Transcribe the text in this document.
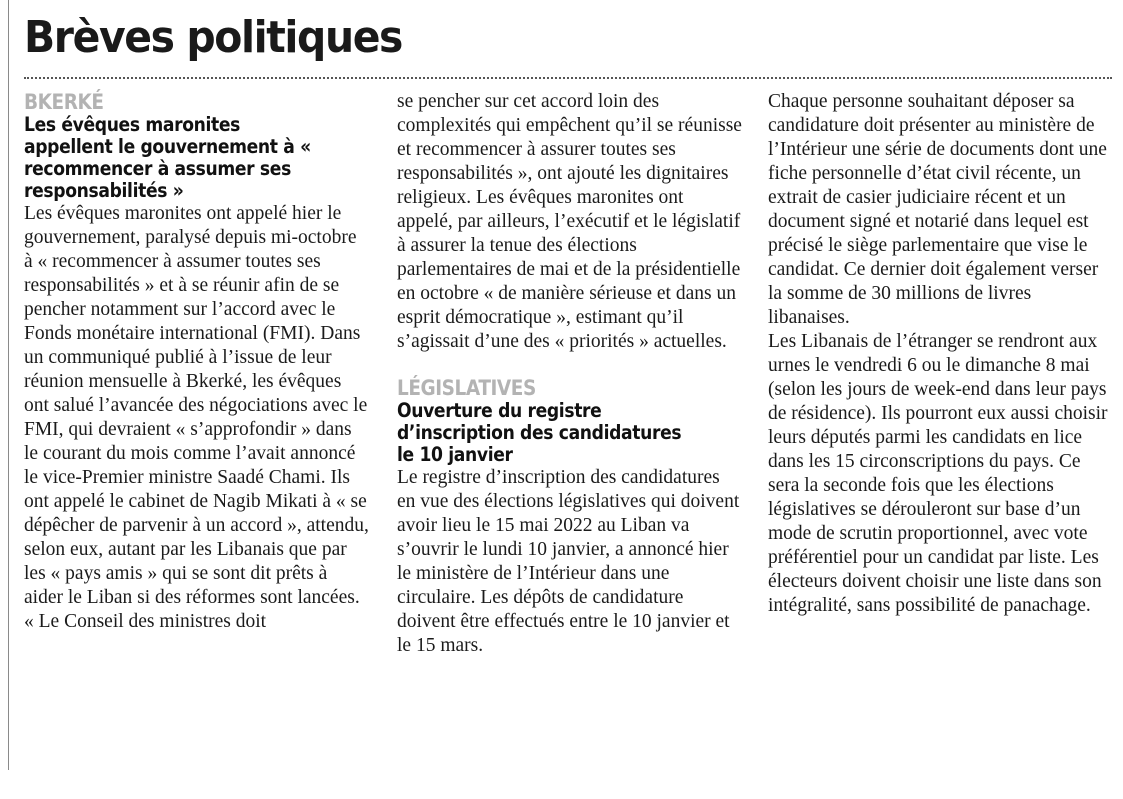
Brèves politiques
BKERKÉ
Les évêques maronites appellent le gouvernement à « recommencer à assumer ses responsabilités »

Les évêques maronites ont appelé hier le gouvernement, paralysé depuis mi-octobre à « recommencer à assumer toutes ses responsabilités » et à se réunir afin de se pencher notamment sur l’accord avec le Fonds monétaire international (FMI). Dans un communiqué publié à l’issue de leur réunion mensuelle à Bkerké, les évêques ont salué l’avancée des négociations avec le FMI, qui devraient « s’approfondir » dans le courant du mois comme l’avait annoncé le vice-Premier ministre Saadé Chami. Ils ont appelé le cabinet de Nagib Mikati à « se dépêcher de parvenir à un accord », attendu, selon eux, autant par les Libanais que par les « pays amis » qui se sont dit prêts à aider le Liban si des réformes sont lancées. « Le Conseil des ministres doit

se pencher sur cet accord loin des complexités qui empêchent qu’il se réunisse et recommencer à assurer toutes ses responsabilités », ont ajouté les dignitaires religieux. Les évêques maronites ont appelé, par ailleurs, l’exécutif et le législatif à assurer la tenue des élections parlementaires de mai et de la présidentielle en octobre « de manière sérieuse et dans un esprit démocratique », estimant qu’il s’agissait d’une des « priorités » actuelles.

LÉGISLATIVES
Ouverture du registre d’inscription des candidatures le 10 janvier

Le registre d’inscription des candidatures en vue des élections législatives qui doivent avoir lieu le 15 mai 2022 au Liban va s’ouvrir le lundi 10 janvier, a annoncé hier le ministère de l’Intérieur dans une circulaire. Les dépôts de candidature doivent être effectués entre le 10 janvier et le 15 mars.

Chaque personne souhaitant déposer sa candidature doit présenter au ministère de l’Intérieur une série de documents dont une fiche personnelle d’état civil récente, un extrait de casier judiciaire récent et un document signé et notarié dans lequel est précisé le siège parlementaire que vise le candidat. Ce dernier doit également verser la somme de 30 millions de livres libanaises.

Les Libanais de l’étranger se rendront aux urnes le vendredi 6 ou le dimanche 8 mai (selon les jours de week-end dans leur pays de résidence). Ils pourront eux aussi choisir leurs députés parmi les candidats en lice dans les 15 circonscriptions du pays. Ce sera la seconde fois que les élections législatives se dérouleront sur base d’un mode de scrutin proportionnel, avec vote préférentiel pour un candidat par liste. Les électeurs doivent choisir une liste dans son intégralité, sans possibilité de panachage.
